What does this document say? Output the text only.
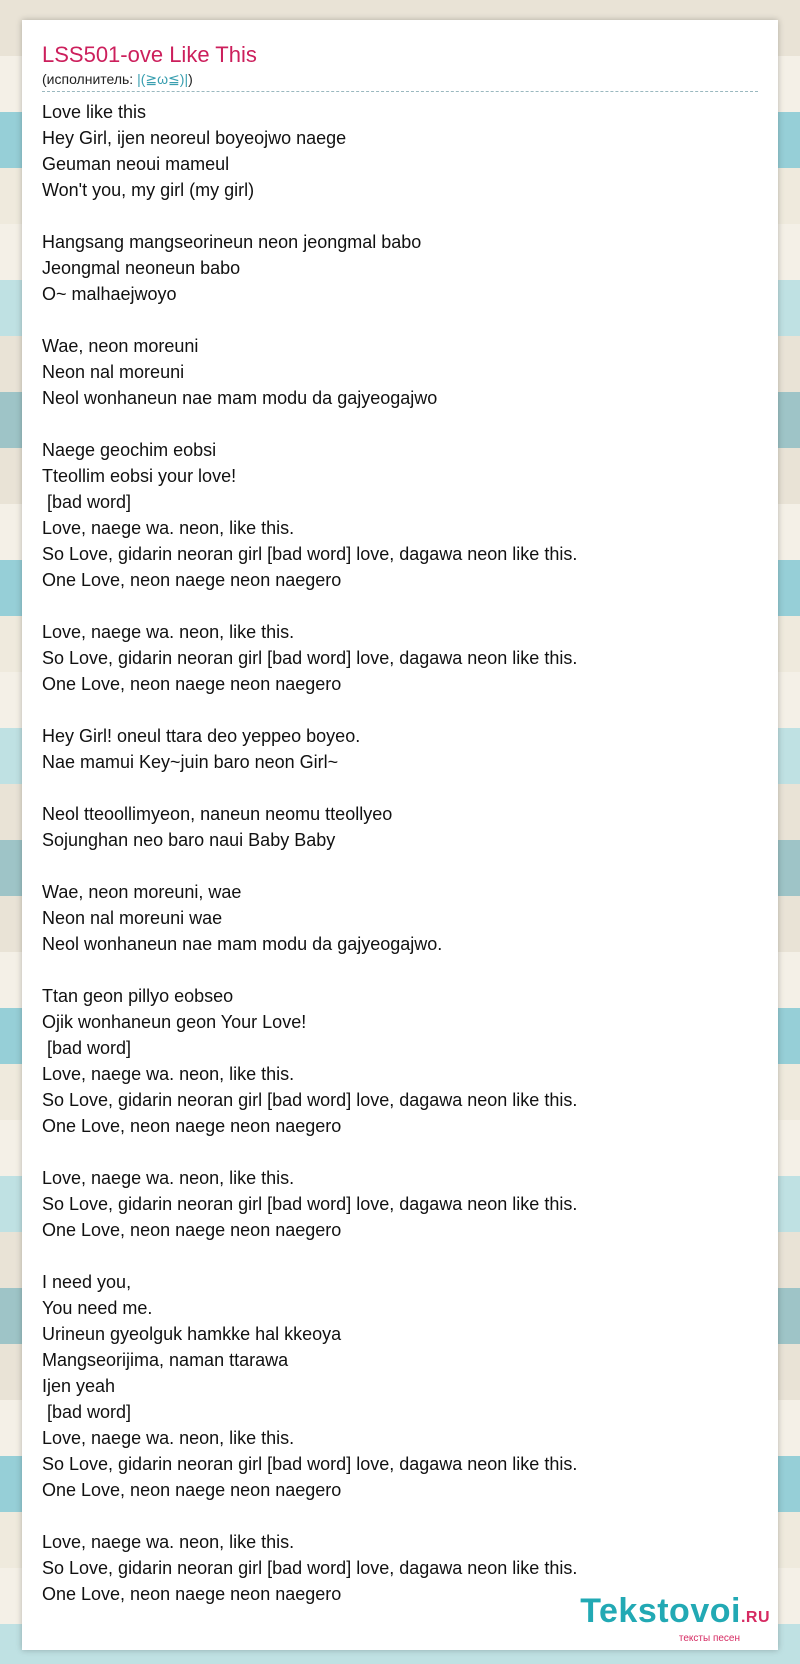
LSS501-ove Like This
(исполнитель: |(≧ω≦)|)
Love like this
Hey Girl, ijen neoreul boyeojwo naege
Geuman neoui mameul
Won't you, my girl (my girl)
Hangsang mangseorineun neon jeongmal babo
Jeongmal neoneun babo
O~ malhaejwoyo
Wae, neon moreuni
Neon nal moreuni
Neol wonhaneun nae mam modu da gajyeogajwo
Naege geochim eobsi
Tteollim eobsi your love!
[bad word]
Love, naege wa. neon, like this.
So Love, gidarin neoran girl [bad word] love, dagawa neon like this.
One Love, neon naege neon naegero
Love, naege wa. neon, like this.
So Love, gidarin neoran girl [bad word] love, dagawa neon like this.
One Love, neon naege neon naegero
Hey Girl! oneul ttara deo yeppeo boyeo.
Nae mamui Key~juin baro neon Girl~
Neol tteoollimyeon, naneun neomu tteollyeo
Sojunghan neo baro naui Baby Baby
Wae, neon moreuni, wae
Neon nal moreuni wae
Neol wonhaneun nae mam modu da gajyeogajwo.
Ttan geon pillyo eobseo
Ojik wonhaneun geon Your Love!
[bad word]
Love, naege wa. neon, like this.
So Love, gidarin neoran girl [bad word] love, dagawa neon like this.
One Love, neon naege neon naegero
Love, naege wa. neon, like this.
So Love, gidarin neoran girl [bad word] love, dagawa neon like this.
One Love, neon naege neon naegero
I need you,
You need me.
Urineun gyeolguk hamkke hal kkeoya
Mangseorijima, naman ttarawa
Ijen yeah
[bad word]
Love, naege wa. neon, like this.
So Love, gidarin neoran girl [bad word] love, dagawa neon like this.
One Love, neon naege neon naegero
Love, naege wa. neon, like this.
So Love, gidarin neoran girl [bad word] love, dagawa neon like this.
One Love, neon naege neon naegero	Tekstovoi.RU
тексты песен
